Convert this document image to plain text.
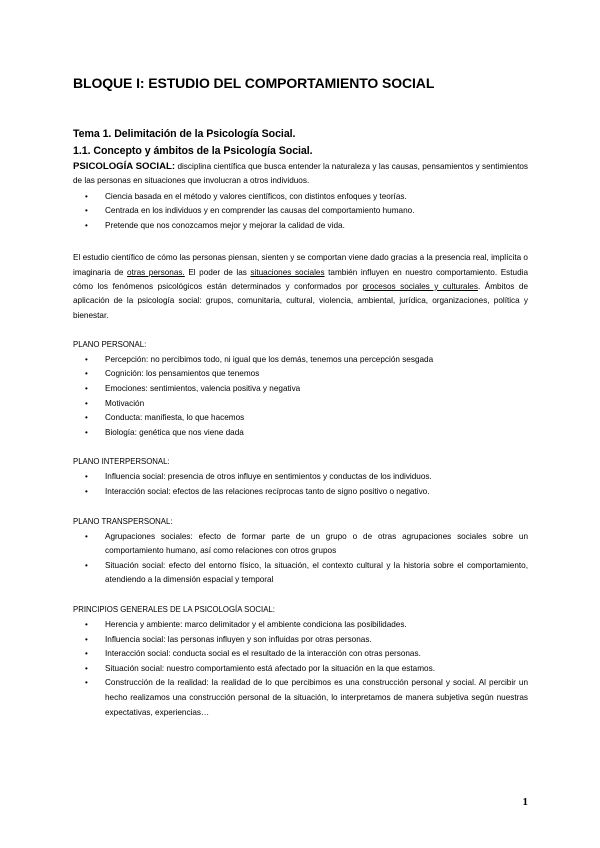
BLOQUE I: ESTUDIO DEL COMPORTAMIENTO SOCIAL
Tema 1. Delimitación de la Psicología Social.
1.1. Concepto y ámbitos de la Psicología Social.

PSICOLOGÍA SOCIAL: disciplina científica que busca entender la naturaleza y las causas, pensamientos y sentimientos de las personas en situaciones que involucran a otros individuos.

• Ciencia basada en el método y valores científicos, con distintos enfoques y teorías.
• Centrada en los individuos y en comprender las causas del comportamiento humano.
• Pretende que nos conozcamos mejor y mejorar la calidad de vida.

El estudio científico de cómo las personas piensan, sienten y se comportan viene dado gracias a la presencia real, implícita o imaginaria de otras personas. El poder de las situaciones sociales también influyen en nuestro comportamiento. Estudia cómo los fenómenos psicológicos están determinados y conformados por procesos sociales y culturales. Ámbitos de aplicación de la psicología social: grupos, comunitaria, cultural, violencia, ambiental, jurídica, organizaciones, política y bienestar.

PLANO PERSONAL:
• Percepción: no percibimos todo, ni igual que los demás, tenemos una percepción sesgada
• Cognición: los pensamientos que tenemos
• Emociones: sentimientos, valencia positiva y negativa
• Motivación
• Conducta: manifiesta, lo que hacemos
• Biología: genética que nos viene dada
PLANO INTERPERSONAL:
• Influencia social: presencia de otros influye en sentimientos y conductas de los individuos.
• Interacción social: efectos de las relaciones recíprocas tanto de signo positivo o negativo.
PLANO TRANSPERSONAL:
• Agrupaciones sociales: efecto de formar parte de un grupo o de otras agrupaciones sociales sobre un comportamiento humano, así como relaciones con otros grupos
• Situación social: efecto del entorno físico, la situación, el contexto cultural y la historia sobre el comportamiento, atendiendo a la dimensión espacial y temporal
PRINCIPIOS GENERALES DE LA PSICOLOGÍA SOCIAL:
• Herencia y ambiente: marco delimitador y el ambiente condiciona las posibilidades.
• Influencia social: las personas influyen y son influidas por otras personas.
• Interacción social: conducta social es el resultado de la interacción con otras personas.
• Situación social: nuestro comportamiento está afectado por la situación en la que estamos.
• Construcción de la realidad: la realidad de lo que percibimos es una construcción personal y social. Al percibir un hecho realizamos una construcción personal de la situación, lo interpretamos de manera subjetiva según nuestras expectativas, experiencias…
1
